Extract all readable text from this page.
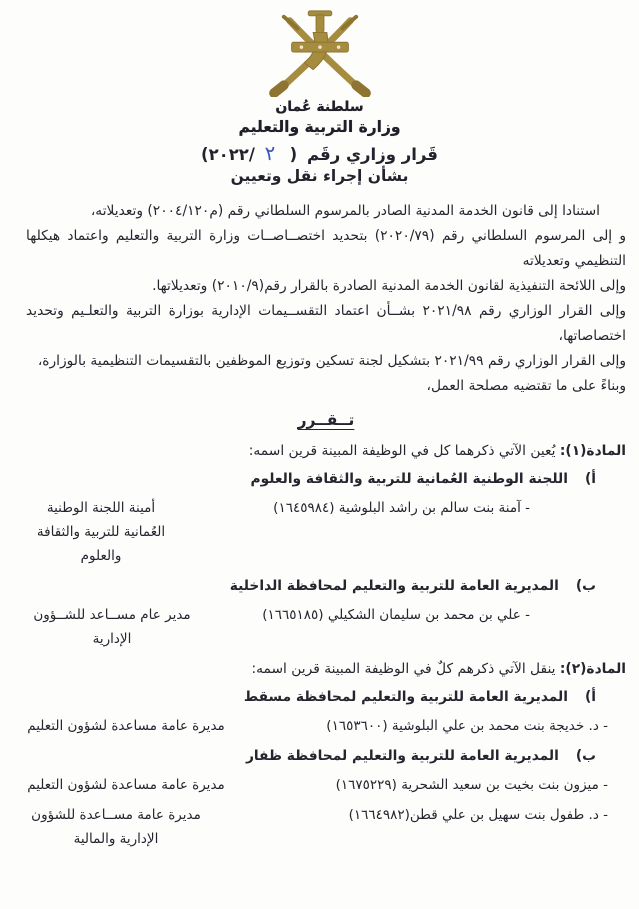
سلطنة عُمان
وزارة التربية والتعليم
قَرار وزاري رقَم
(٢٠٢٢/ ٢ )
بشأن إجراء نقل وتعيين

استنادا إلى قانون الخدمة المدنية الصادر بالمرسوم السلطاني رقم ‭(٢٠٠٤/١٢٠م)‬ وتعديلاته،

و إلى المرسوم السلطاني رقم ‭(٢٠٢٠/٧٩)‬ بتحديد اختصــاصــات وزارة التربية والتعليم واعتماد هيكلها التنظيمي وتعديلاته

وإلى اللائحة التنفيذية لقانون الخدمة المدنية الصادرة بالقرار رقم‭(٢٠١٠/٩)‬ وتعديلاتها.

وإلى القرار الوزاري رقم ‭٢٠٢١/٩٨‬ بشــأن اعتماد التقســيمات الإدارية بوزارة التربية والتعلـيم وتحديد اختصاصاتها،

وإلى القرار الوزاري رقم ‭٢٠٢١/٩٩‬ بتشكيل لجنة تسكين وتوزيع الموظفين بالتقسيمات التنظيمية بالوزارة،

وبناءً على ما تقتضيه مصلحة العمل،

تــقــرر

المادة(١): يُعين الآتي ذكرهما كل في الوظيفة المبينة قرين اسمه:

أ)
اللجنة الوطنية العُمانية للتربية والثقافة والعلوم
- آمنة بنت سالم بن راشد البلوشية (١٦٤٥٩٨٤)
أمينة اللجنة الوطنية العُمانية للتربية والثقافة والعلوم
ب)
المديرية العامة للتربية والتعليم لمحافظة الداخلية
- علي بن محمد بن سليمان الشكيلي (١٦٦٥١٨٥)
مدير عام مســاعد للشــؤون الإدارية

المادة(٢): ينقل الآتي ذكرهم كلٌ في الوظيفة المبينة قرين اسمه:

أ)
المديرية العامة للتربية والتعليم لمحافظة مسقط
- د. خديجة بنت محمد بن علي البلوشية (١٦٥٣٦٠٠)
مديرة عامة مساعدة لشؤون التعليم
ب)
المديرية العامة للتربية والتعليم لمحافظة ظفار
- ميزون بنت بخيت بن سعيد الشحرية (١٦٧٥٢٢٩)
مديرة عامة مساعدة لشؤون التعليم
- د. طفول بنت سهيل بن علي قطن(١٦٦٤٩٨٢)
مديرة عامة مســاعدة للشؤون الإدارية والمالية
